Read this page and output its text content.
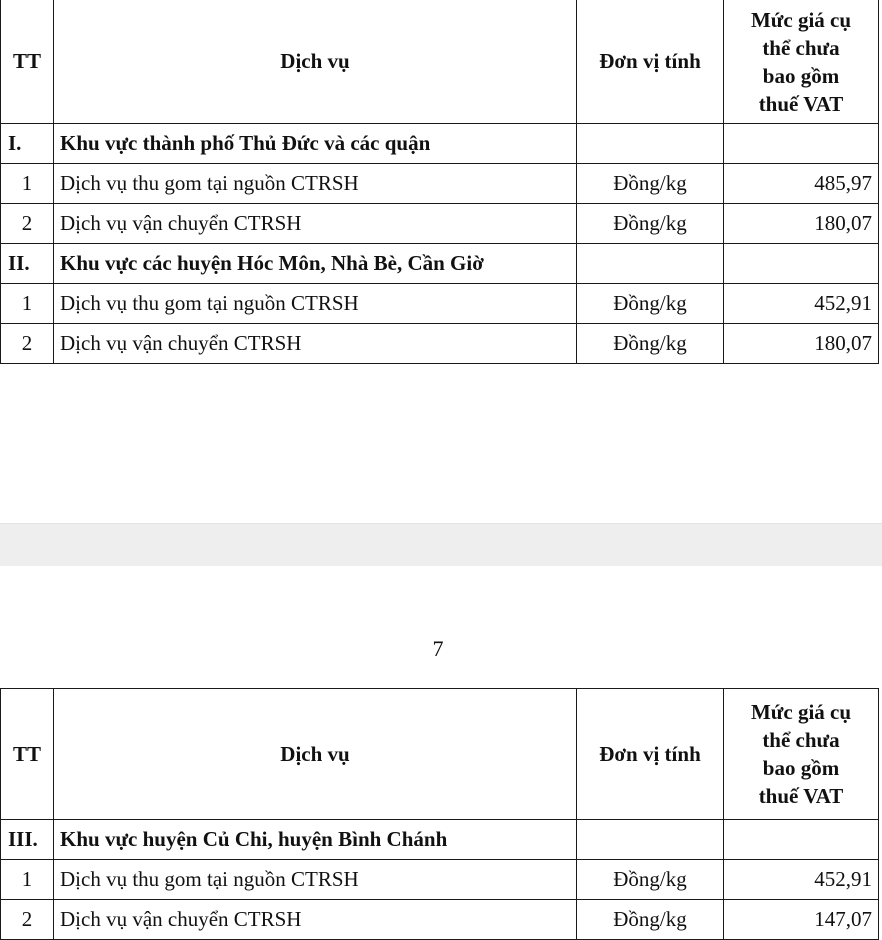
TT	Dịch vụ	Đơn vị tính	Mức giá cụ
thể chưa
bao gồm
thuế VAT
I.	Khu vực thành phố Thủ Đức và các quận		
1	Dịch vụ thu gom tại nguồn CTRSH	Đồng/kg	485,97
2	Dịch vụ vận chuyển CTRSH	Đồng/kg	180,07
II.	Khu vực các huyện Hóc Môn, Nhà Bè, Cần Giờ		
1	Dịch vụ thu gom tại nguồn CTRSH	Đồng/kg	452,91
2	Dịch vụ vận chuyển CTRSH	Đồng/kg	180,07
7
TT	Dịch vụ	Đơn vị tính	Mức giá cụ
thể chưa
bao gồm
thuế VAT
III.	Khu vực huyện Củ Chi, huyện Bình Chánh		
1	Dịch vụ thu gom tại nguồn CTRSH	Đồng/kg	452,91
2	Dịch vụ vận chuyển CTRSH	Đồng/kg	147,07
